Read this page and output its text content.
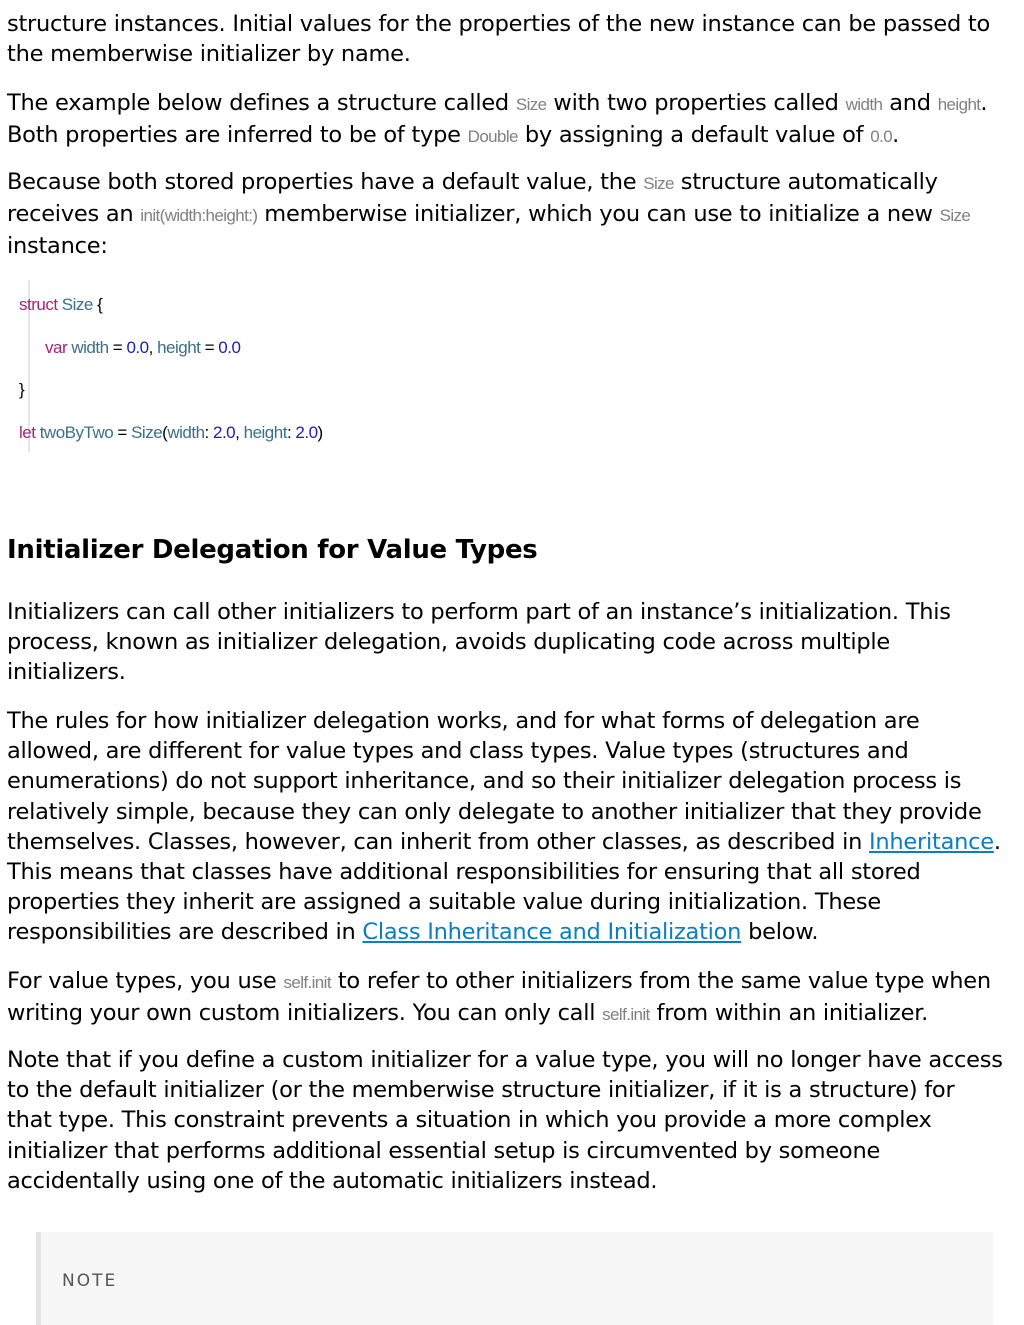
structure instances. Initial values for the properties of the new instance can be passed to
the memberwise initializer by name.

The example below defines a structure called Size with two properties called width and height.
Both properties are inferred to be of type Double by assigning a default value of 0.0.

Because both stored properties have a default value, the Size structure automatically
receives an init(width:height:) memberwise initializer, which you can use to initialize a new Size
instance:

struct Size {
var width = 0.0, height = 0.0
}
let twoByTwo = Size(width: 2.0, height: 2.0)
Initializer Delegation for Value Types

Initializers can call other initializers to perform part of an instance’s initialization. This
process, known as initializer delegation, avoids duplicating code across multiple
initializers.

The rules for how initializer delegation works, and for what forms of delegation are
allowed, are different for value types and class types. Value types (structures and
enumerations) do not support inheritance, and so their initializer delegation process is
relatively simple, because they can only delegate to another initializer that they provide
themselves. Classes, however, can inherit from other classes, as described in Inheritance.
This means that classes have additional responsibilities for ensuring that all stored
properties they inherit are assigned a suitable value during initialization. These
responsibilities are described in Class Inheritance and Initialization below.

For value types, you use self.init to refer to other initializers from the same value type when
writing your own custom initializers. You can only call self.init from within an initializer.

Note that if you define a custom initializer for a value type, you will no longer have access
to the default initializer (or the memberwise structure initializer, if it is a structure) for
that type. This constraint prevents a situation in which you provide a more complex
initializer that performs additional essential setup is circumvented by someone
accidentally using one of the automatic initializers instead.

NOTE
